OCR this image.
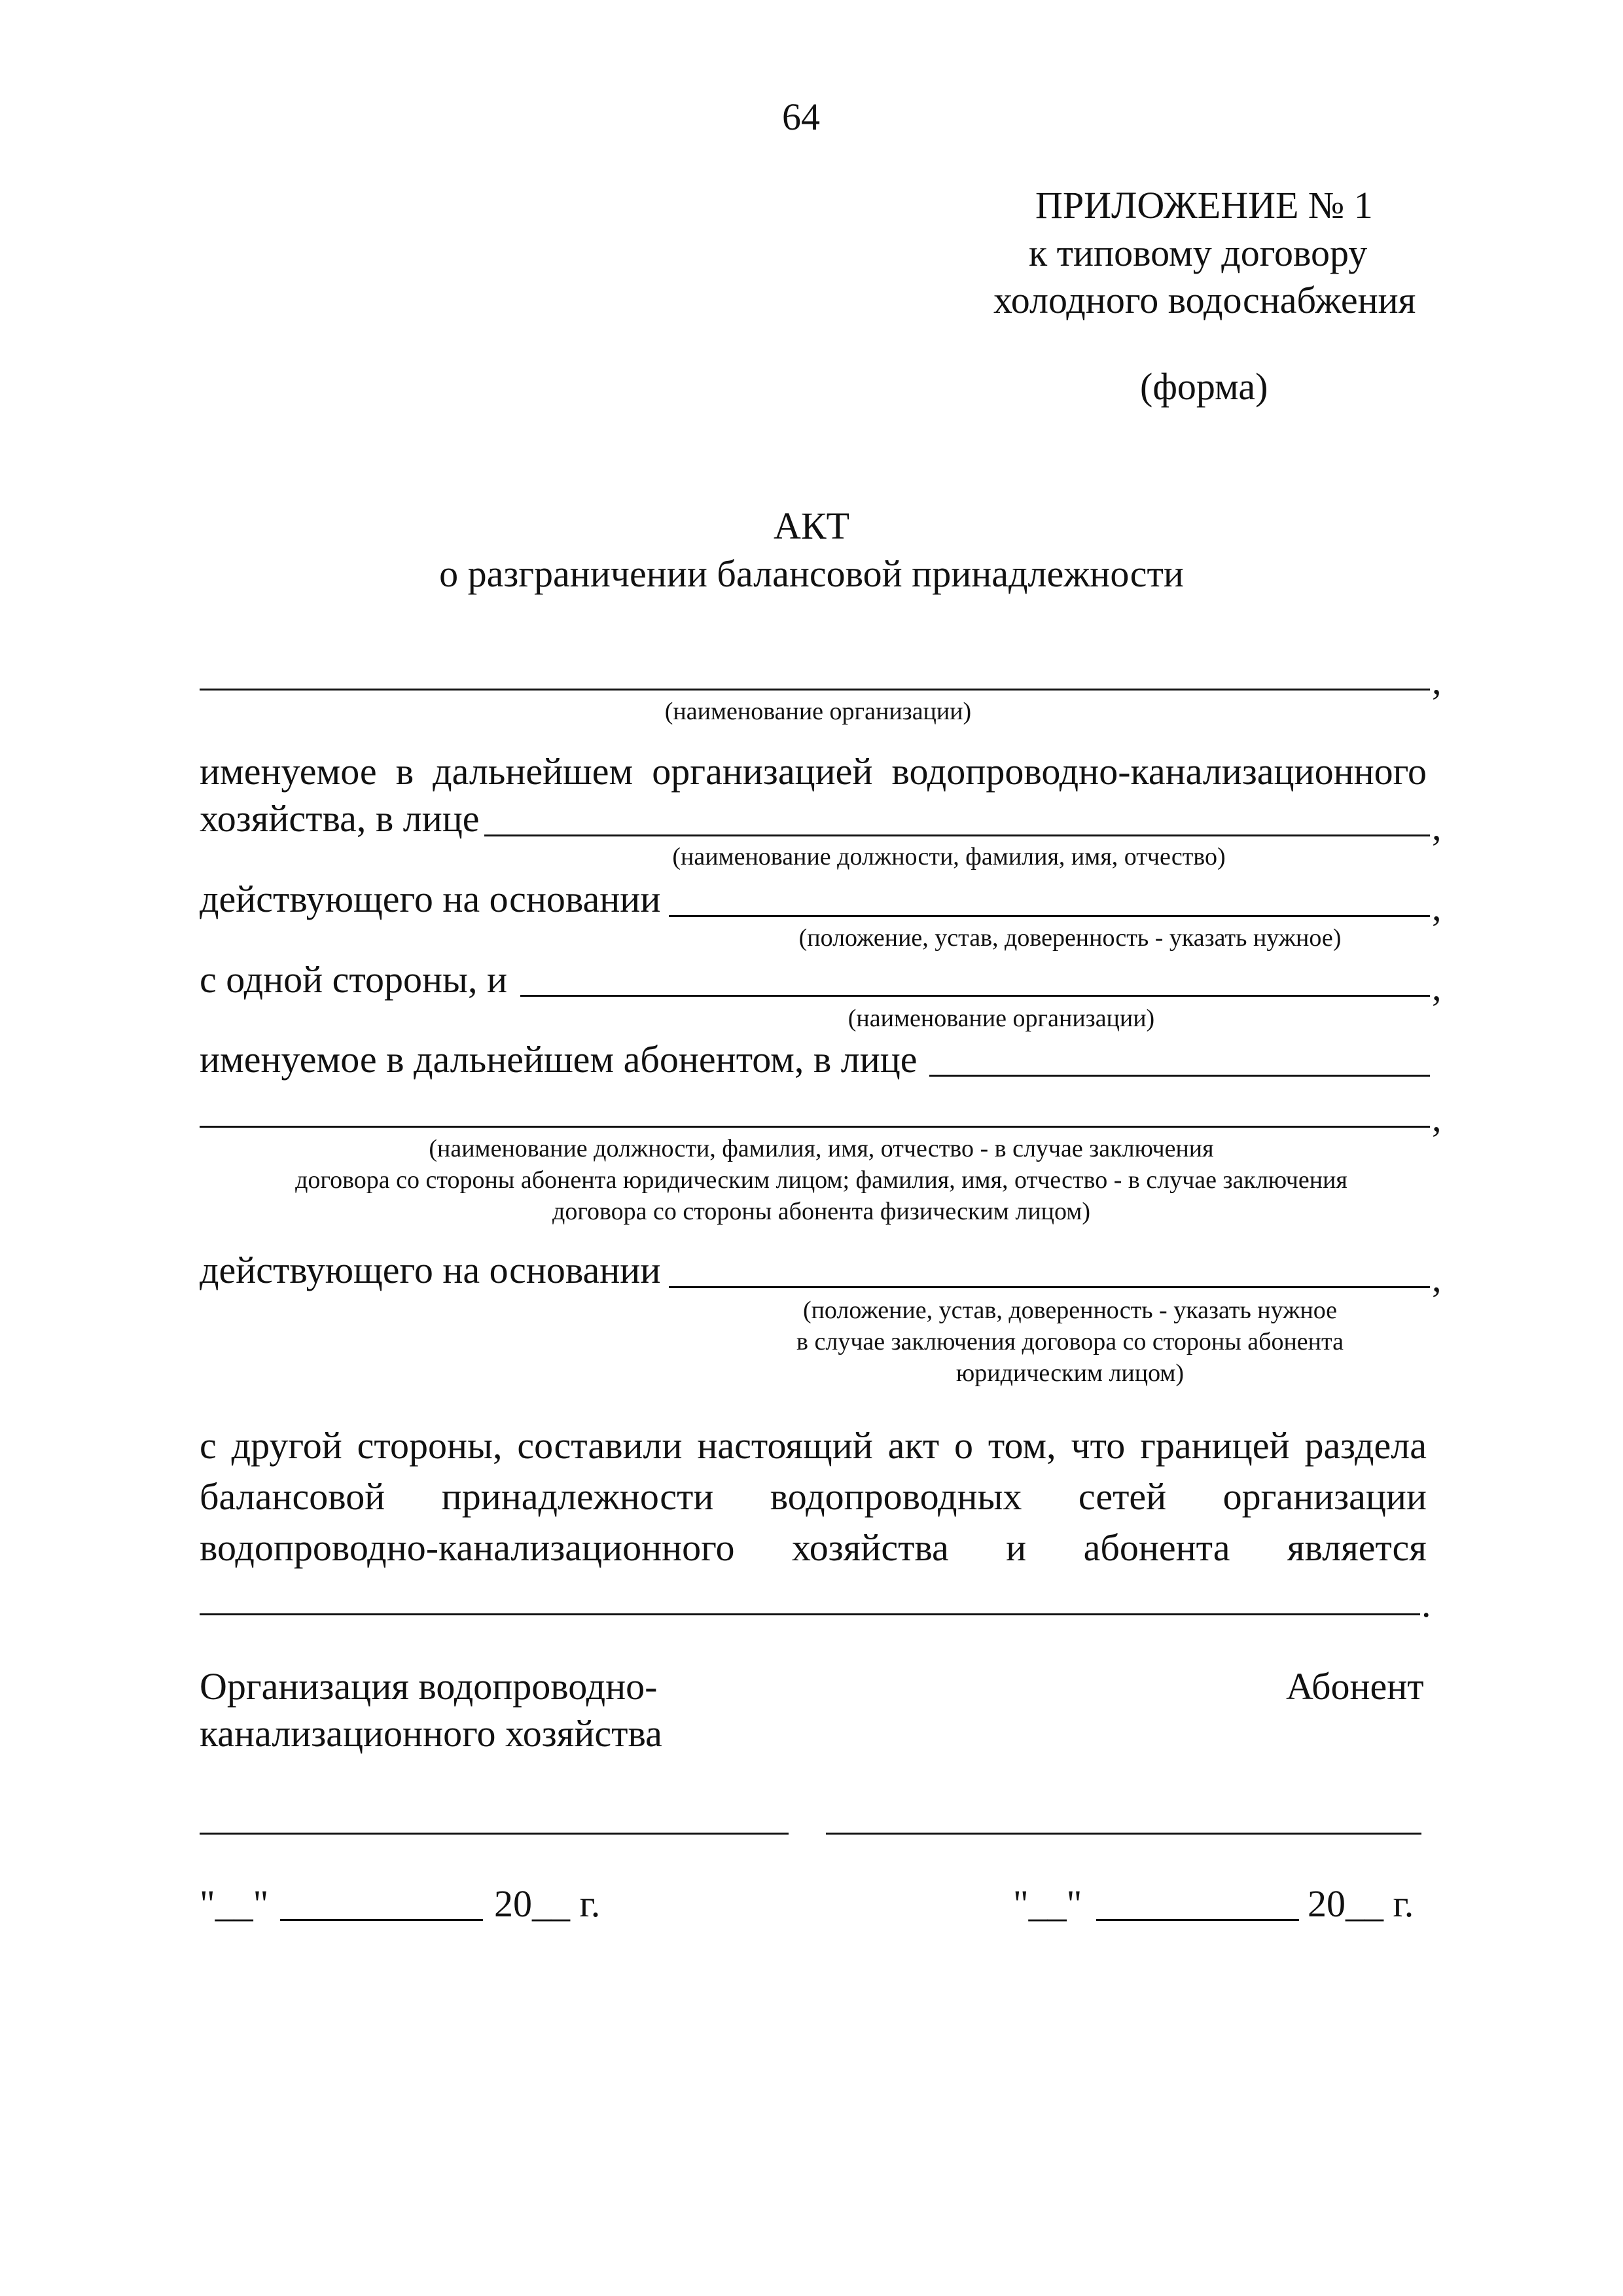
64
ПРИЛОЖЕНИЕ № 1
к типовому договору
холодного водоснабжения
(форма)
АКТ
о разграничении балансовой принадлежности
,
(наименование организации)
именуемое в дальнейшем организацией водопроводно-канализационного
хозяйства, в лице	,
(наименование должности, фамилия, имя, отчество)
действующего на основании	,
(положение, устав, доверенность - указать нужное)
с одной стороны, и	,
(наименование организации)
именуемое в дальнейшем абонентом, в лице
,
(наименование должности, фамилия, имя, отчество - в случае заключения
договора со стороны абонента юридическим лицом; фамилия, имя, отчество - в случае заключения
договора со стороны абонента физическим лицом)
действующего на основании	,
(положение, устав, доверенность - указать нужное
в случае заключения договора со стороны абонента
юридическим лицом)
с другой стороны, составили настоящий акт о том, что границей раздела
балансовой принадлежности водопроводных сетей организации
водопроводно-канализационного хозяйства и абонента является
.
Организация водопроводно-
канализационного хозяйства
Абонент
"__"	20__ г.	"__"	20__ г.
